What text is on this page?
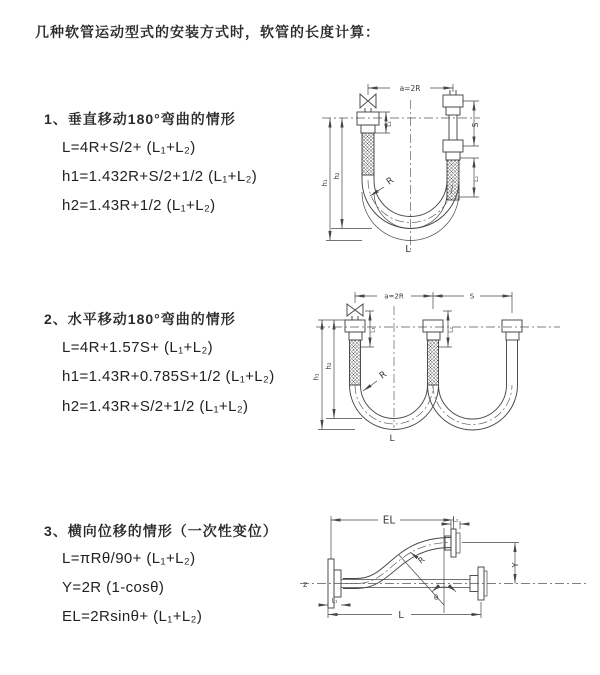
几种软管运动型式的安装方式时，软管的长度计算：
1、垂直移动180°弯曲的情形
L=4R+S/2+ (L₁+L₂)
h1=1.432R+S/2+1/2 (L₁+L₂)
h2=1.43R+1/2 (L₁+L₂)
2、水平移动180°弯曲的情形
L=4R+1.57S+ (L₁+L₂)
h1=1.43R+0.785S+1/2 (L₁+L₂)
h2=1.43R+S/2+1/2 (L₁+L₂)
3、横向位移的情形（一次性变位）
L=πRθ/90+ (L₁+L₂)
Y=2R (1-cosθ)
EL=2Rsinθ+ (L₁+L₂)
a=2R
R
L
h₁
h₂
L₁	S
L₂
a=2R	S
L
h₁
h₂
L₁	L₂
R
z
L₂
EL
Y
L
L₁	θ
R
